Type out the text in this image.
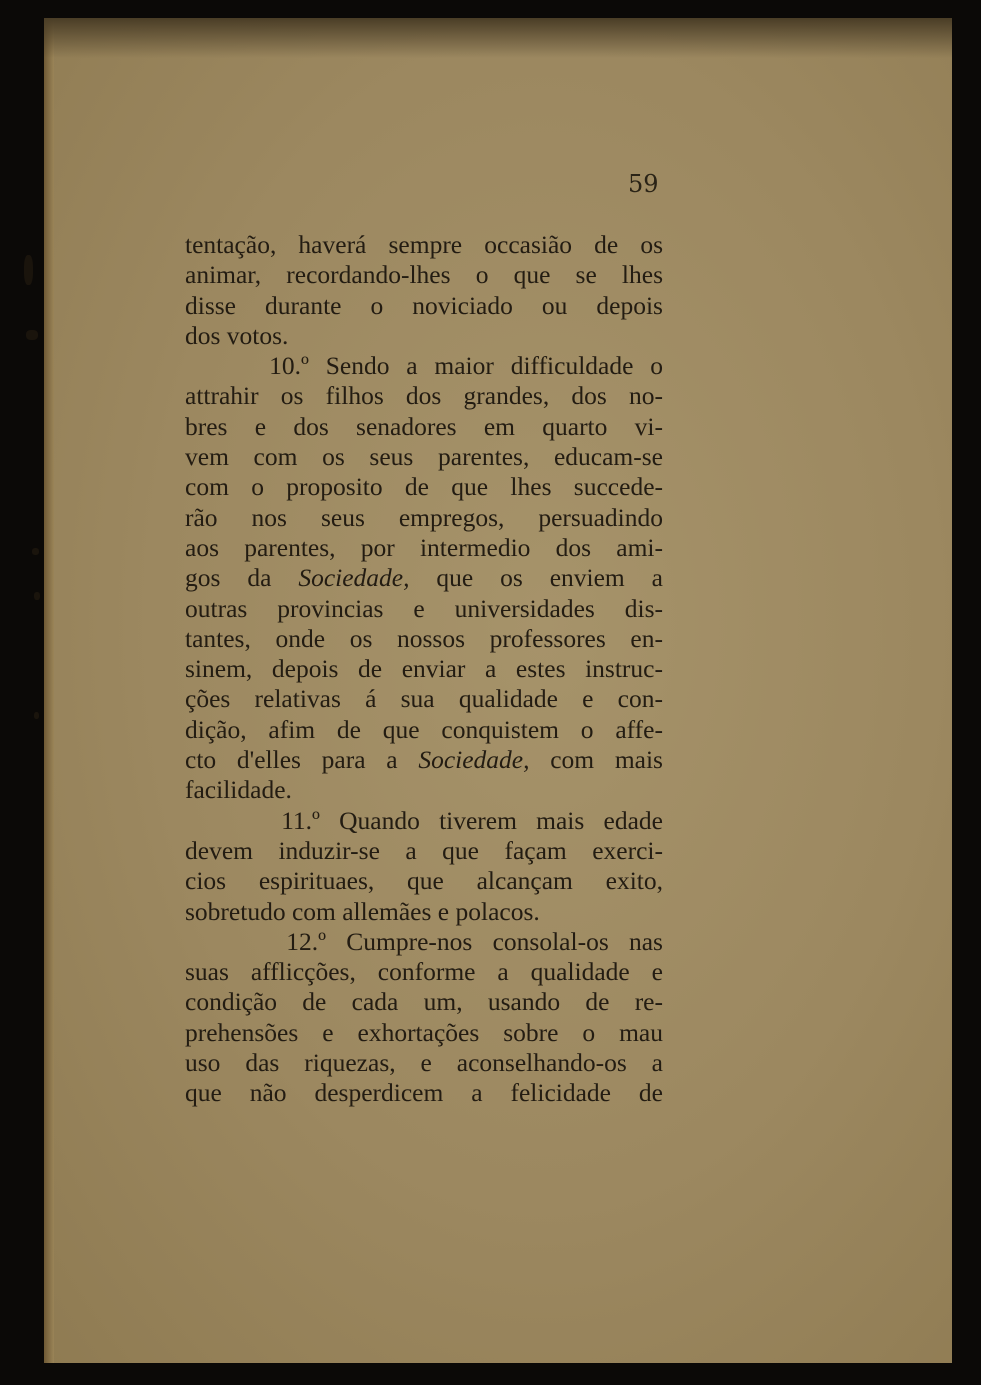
59
tentação, haverá sempre occasião de os
animar, recordando-lhes o que se lhes
disse durante o noviciado ou depois
dos votos.
10.º Sendo a maior difficuldade o
attrahir os filhos dos grandes, dos no-
bres e dos senadores em quarto vi-
vem com os seus parentes, educam-se
com o proposito de que lhes succede-
rão nos seus empregos, persuadindo
aos parentes, por intermedio dos ami-
gos da Sociedade, que os enviem a
outras provincias e universidades dis-
tantes, onde os nossos professores en-
sinem, depois de enviar a estes instruc-
ções relativas á sua qualidade e con-
dição, afim de que conquistem o affe-
cto d'elles para a Sociedade, com mais
facilidade.
11.º Quando tiverem mais edade
devem induzir-se a que façam exerci-
cios espirituaes, que alcançam exito,
sobretudo com allemães e polacos.
12.º Cumpre-nos consolal-os nas
suas afflicções, conforme a qualidade e
condição de cada um, usando de re-
prehensões e exhortações sobre o mau
uso das riquezas, e aconselhando-os a
que não desperdicem a felicidade de
